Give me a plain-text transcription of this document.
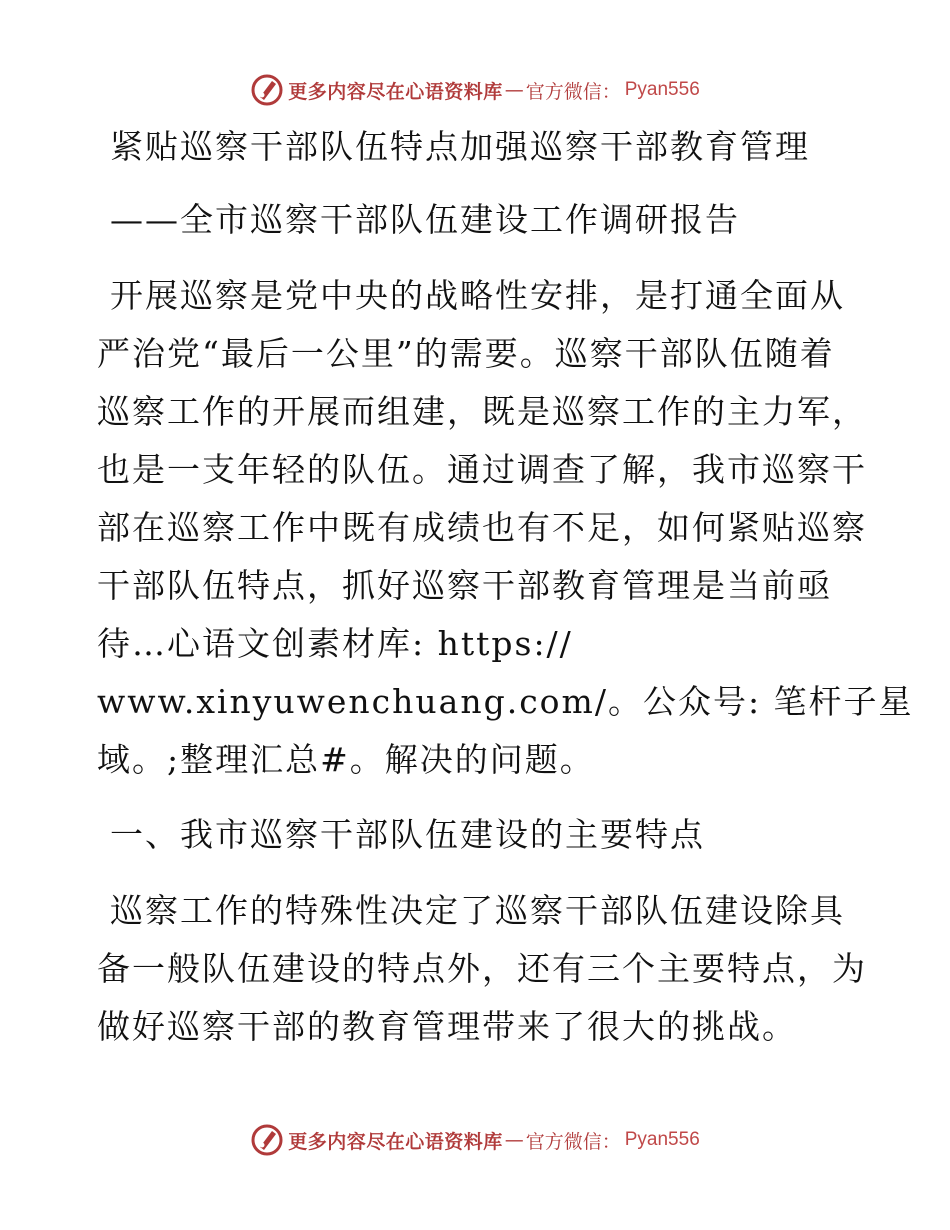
更多内容尽在心语资料库 — 官方微信： Pyan556
紧贴巡察干部队伍特点加强巡察干部教育管理
——全市巡察干部队伍建设工作调研报告
开展巡察是党中央的战略性安排，是打通全面从
严治党“最后一公里”的需要。巡察干部队伍随着
巡察工作的开展而组建，既是巡察工作的主力军，
也是一支年轻的队伍。通过调查了解，我市巡察干
部在巡察工作中既有成绩也有不足，如何紧贴巡察
干部队伍特点，抓好巡察干部教育管理是当前亟
待…心语文创素材库: https://
www.xinyuwenchuang.com/。公众号: 笔杆子星
域。;整理汇总#。解决的问题。
一、我市巡察干部队伍建设的主要特点
巡察工作的特殊性决定了巡察干部队伍建设除具
备一般队伍建设的特点外，还有三个主要特点，为
做好巡察干部的教育管理带来了很大的挑战。
更多内容尽在心语资料库 — 官方微信： Pyan556
